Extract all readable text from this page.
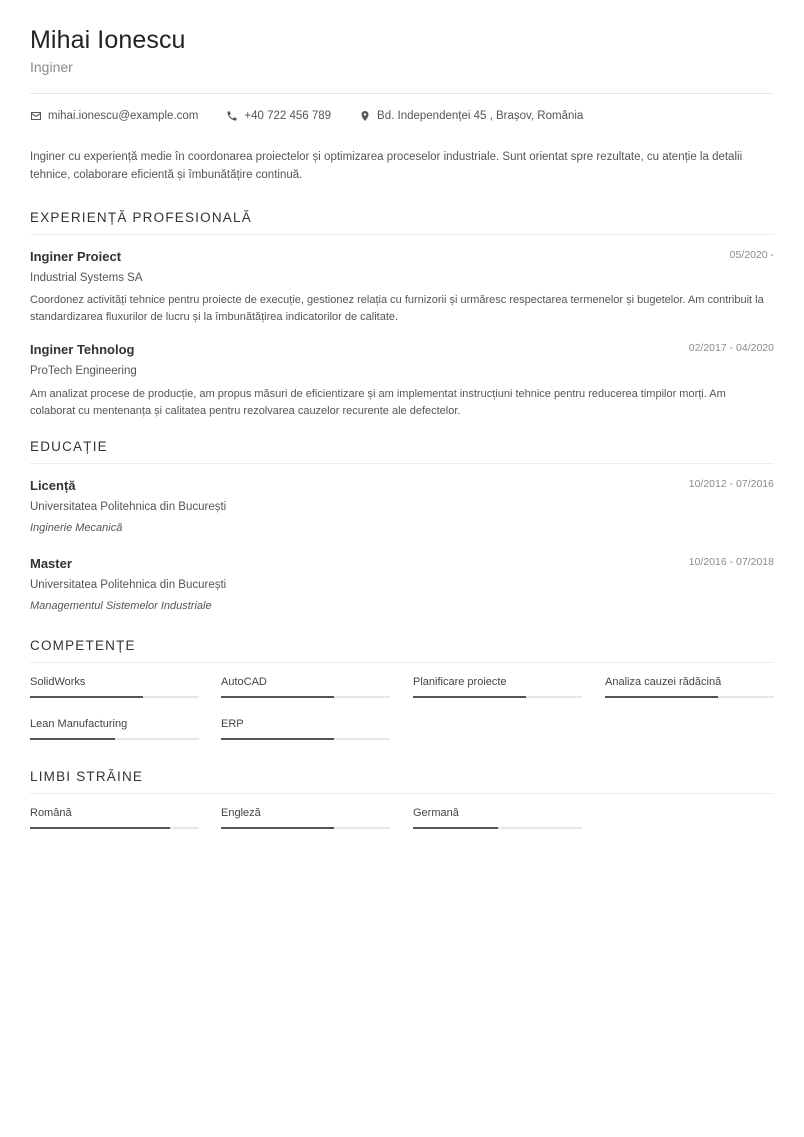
Mihai Ionescu
Inginer
mihai.ionescu@example.com	+40 722 456 789	Bd. Independenței 45 , Brașov, România
Inginer cu experiență medie în coordonarea proiectelor și optimizarea proceselor industriale. Sunt orientat spre rezultate, cu atenție la detalii tehnice, colaborare eficientă și îmbunătățire continuă.
EXPERIENȚĂ PROFESIONALĂ
Inginer Proiect	05/2020 -
Industrial Systems SA
Coordonez activități tehnice pentru proiecte de execuție, gestionez relația cu furnizorii și urmăresc respectarea termenelor și bugetelor. Am contribuit la standardizarea fluxurilor de lucru și la îmbunătățirea indicatorilor de calitate.
Inginer Tehnolog	02/2017 - 04/2020
ProTech Engineering
Am analizat procese de producție, am propus măsuri de eficientizare și am implementat instrucțiuni tehnice pentru reducerea timpilor morți. Am colaborat cu mentenanța și calitatea pentru rezolvarea cauzelor recurente ale defectelor.
EDUCAȚIE
Licență	10/2012 - 07/2016
Universitatea Politehnica din București
Inginerie Mecanică
Master	10/2016 - 07/2018
Universitatea Politehnica din București
Managementul Sistemelor Industriale
COMPETENȚE
SolidWorks	AutoCAD	Planificare proiecte	Analiza cauzei rădăcină
Lean Manufacturing	ERP
LIMBI STRĂINE
Română	Engleză	Germană
